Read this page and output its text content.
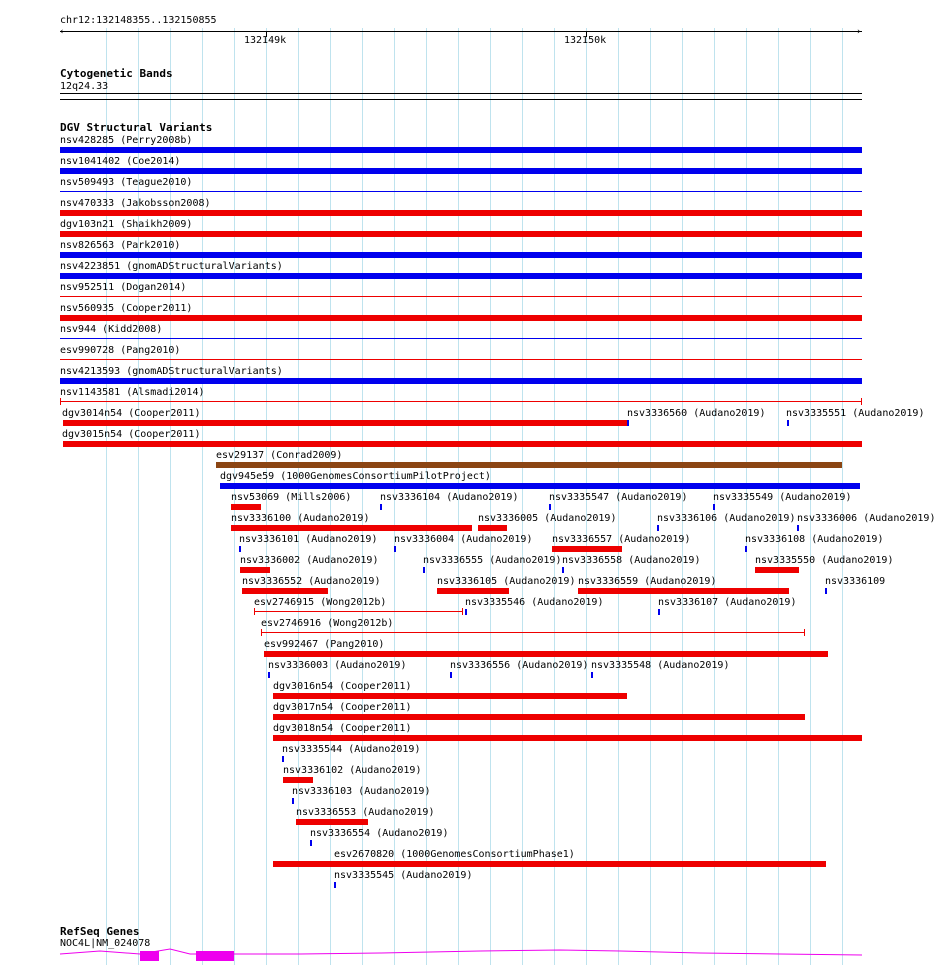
chr12:132148355..132150855
‹	›
132149k	132150k
Cytogenetic Bands
12q24.33
DGV Structural Variants
nsv428285 (Perry2008b)
nsv1041402 (Coe2014)
nsv509493 (Teague2010)
nsv470333 (Jakobsson2008)
dgv103n21 (Shaikh2009)
nsv826563 (Park2010)
nsv4223851 (gnomADStructuralVariants)
nsv952511 (Dogan2014)
nsv560935 (Cooper2011)
nsv944 (Kidd2008)
esv990728 (Pang2010)
nsv4213593 (gnomADStructuralVariants)
nsv1143581 (Alsmadi2014)
dgv3014n54 (Cooper2011)	nsv3336560 (Audano2019) nsv3335551 (Audano2019)
dgv3015n54 (Cooper2011)
esv29137 (Conrad2009)
dgv945e59 (1000GenomesConsortiumPilotProject)
nsv53069 (Mills2006)	nsv3336104 (Audano2019)	nsv3335547 (Audano2019)	nsv3335549 (Audano2019)
nsv3336100 (Audano2019)	nsv3336005 (Audano2019)	nsv3336106 (Audano2019) nsv3336006 (Audano2019)
nsv3336101 (Audano2019) nsv3336004 (Audano2019) nsv3336557 (Audano2019)	nsv3336108 (Audano2019)
nsv3336002 (Audano2019)	nsv3336555 (Audano2019) nsv3336558 (Audano2019)	nsv3335550 (Audano2019)
nsv3336552 (Audano2019)	nsv3336105 (Audano2019) nsv3336559 (Audano2019)	nsv3336109
esv2746915 (Wong2012b)	nsv3335546 (Audano2019)	nsv3336107 (Audano2019)
esv2746916 (Wong2012b)
esv992467 (Pang2010)
nsv3336003 (Audano2019)	nsv3336556 (Audano2019) nsv3335548 (Audano2019)
dgv3016n54 (Cooper2011)
dgv3017n54 (Cooper2011)
dgv3018n54 (Cooper2011)
nsv3335544 (Audano2019)
nsv3336102 (Audano2019)
nsv3336103 (Audano2019)
nsv3336553 (Audano2019)
nsv3336554 (Audano2019)
esv2670820 (1000GenomesConsortiumPhase1)
nsv3335545 (Audano2019)
RefSeq Genes
NOC4L|NM_024078
